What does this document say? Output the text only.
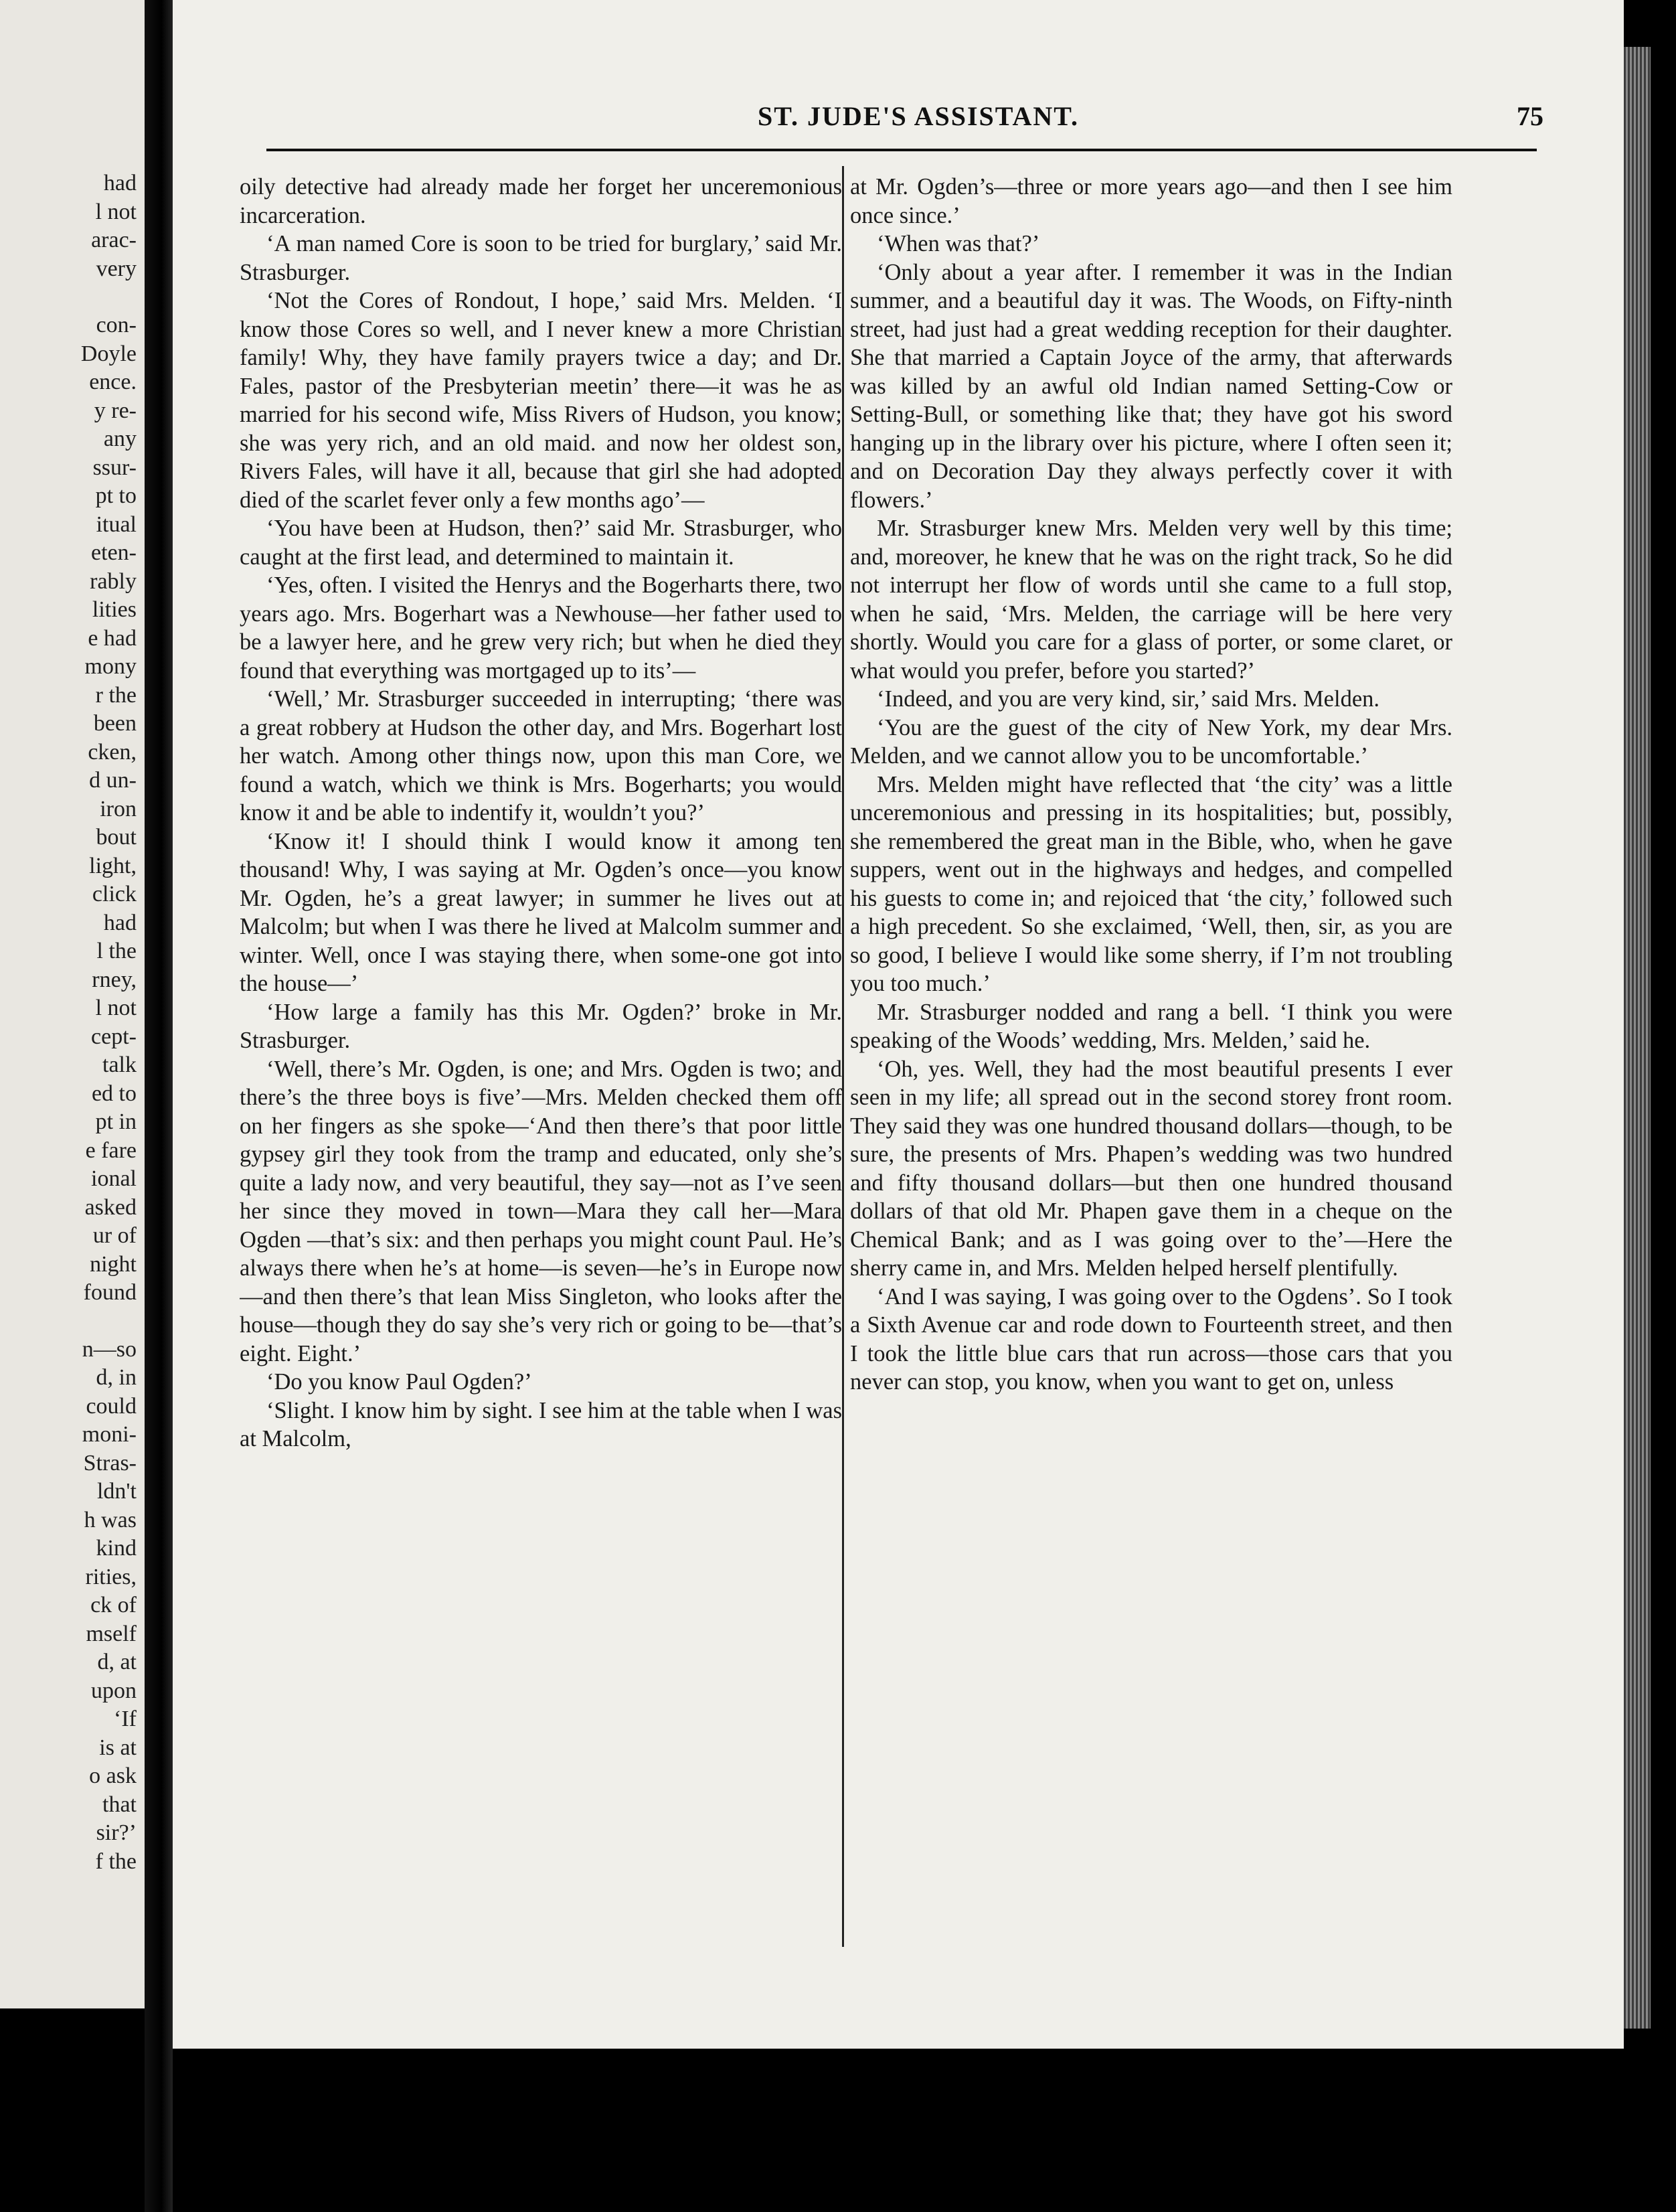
had

l not

arac-

very

con-

Doyle

ence.

y re-

any

ssur-

pt to

itual

eten-

rably

lities

e had

mony

r the

been

cken,

d un-

iron

bout

light,

click

had

l the

rney,

l not

cept-

talk

ed to

pt in

e fare

ional

asked

ur of

night

found

n—so

d, in

could

moni-

Stras-

ldn't

h was

kind

rities,

ck of

mself

d, at

upon

‘If

is at

o ask

that

sir?’

f the

ST. JUDE'S ASSISTANT.	75

oily detective had already made her forget her unceremonious incarceration.

‘A man named Core is soon to be tried for burglary,’ said Mr. Strasburger.

‘Not the Cores of Rondout, I hope,’ said Mrs. Melden. ‘I know those Cores so well, and I never knew a more Christian family! Why, they have family prayers twice a day; and Dr. Fales, pastor of the Presbyterian meetin’ there—it was he as married for his second wife, Miss Rivers of Hudson, you know; she was yery rich, and an old maid. and now her oldest son, Rivers Fales, will have it all, because that girl she had adopted died of the scarlet fever only a few months ago’—

‘You have been at Hudson, then?’ said Mr. Strasburger, who caught at the first lead, and determined to maintain it.

‘Yes, often. I visited the Henrys and the Bogerharts there, two years ago. Mrs. Bogerhart was a Newhouse—her father used to be a lawyer here, and he grew very rich; but when he died they found that everything was mortgaged up to its’—

‘Well,’ Mr. Strasburger succeeded in interrupting; ‘there was a great robbery at Hudson the other day, and Mrs. Bogerhart lost her watch. Among other things now, upon this man Core, we found a watch, which we think is Mrs. Bogerharts; you would know it and be able to indentify it, wouldn’t you?’

‘Know it! I should think I would know it among ten thousand! Why, I was saying at Mr. Ogden’s once—you know Mr. Ogden, he’s a great lawyer; in summer he lives out at Malcolm; but when I was there he lived at Malcolm summer and winter. Well, once I was staying there, when some-one got into the house—’

‘How large a family has this Mr. Ogden?’ broke in Mr. Strasburger.

‘Well, there’s Mr. Ogden, is one; and Mrs. Ogden is two; and there’s the three boys is five’—Mrs. Melden checked them off on her fingers as she spoke—‘And then there’s that poor little gypsey girl they took from the tramp and educated, only she’s quite a lady now, and very beautiful, they say—not as I’ve seen her since they moved in town—Mara they call her—Mara Ogden —that’s six: and then perhaps you might count Paul. He’s always there when he’s at home—is seven—he’s in Europe now—and then there’s that lean Miss Singleton, who looks after the house—though they do say she’s very rich or going to be—that’s eight. Eight.’

‘Do you know Paul Ogden?’

‘Slight. I know him by sight. I see him at the table when I was at Malcolm,

at Mr. Ogden’s—three or more years ago—and then I see him once since.’

‘When was that?’

‘Only about a year after. I remember it was in the Indian summer, and a beautiful day it was. The Woods, on Fifty-ninth street, had just had a great wedding reception for their daughter. She that married a Captain Joyce of the army, that afterwards was killed by an awful old Indian named Setting-Cow or Setting-Bull, or something like that; they have got his sword hanging up in the library over his picture, where I often seen it; and on Decoration Day they always perfectly cover it with flowers.’

Mr. Strasburger knew Mrs. Melden very well by this time; and, moreover, he knew that he was on the right track, So he did not interrupt her flow of words until she came to a full stop, when he said, ‘Mrs. Melden, the carriage will be here very shortly. Would you care for a glass of porter, or some claret, or what would you prefer, before you started?’

‘Indeed, and you are very kind, sir,’ said Mrs. Melden.

‘You are the guest of the city of New York, my dear Mrs. Melden, and we cannot allow you to be uncomfortable.’

Mrs. Melden might have reflected that ‘the city’ was a little unceremonious and pressing in its hospitalities; but, possibly, she remembered the great man in the Bible, who, when he gave suppers, went out in the highways and hedges, and compelled his guests to come in; and rejoiced that ‘the city,’ followed such a high precedent. So she exclaimed, ‘Well, then, sir, as you are so good, I believe I would like some sherry, if I’m not troubling you too much.’

Mr. Strasburger nodded and rang a bell. ‘I think you were speaking of the Woods’ wedding, Mrs. Melden,’ said he.

‘Oh, yes. Well, they had the most beautiful presents I ever seen in my life; all spread out in the second storey front room. They said they was one hundred thousand dollars—though, to be sure, the presents of Mrs. Phapen’s wedding was two hundred and fifty thousand dollars—but then one hundred thousand dollars of that old Mr. Phapen gave them in a cheque on the Chemical Bank; and as I was going over to the’—Here the sherry came in, and Mrs. Melden helped herself plentifully.

‘And I was saying, I was going over to the Ogdens’. So I took a Sixth Avenue car and rode down to Fourteenth street, and then I took the little blue cars that run across—those cars that you never can stop, you know, when you want to get on, unless
